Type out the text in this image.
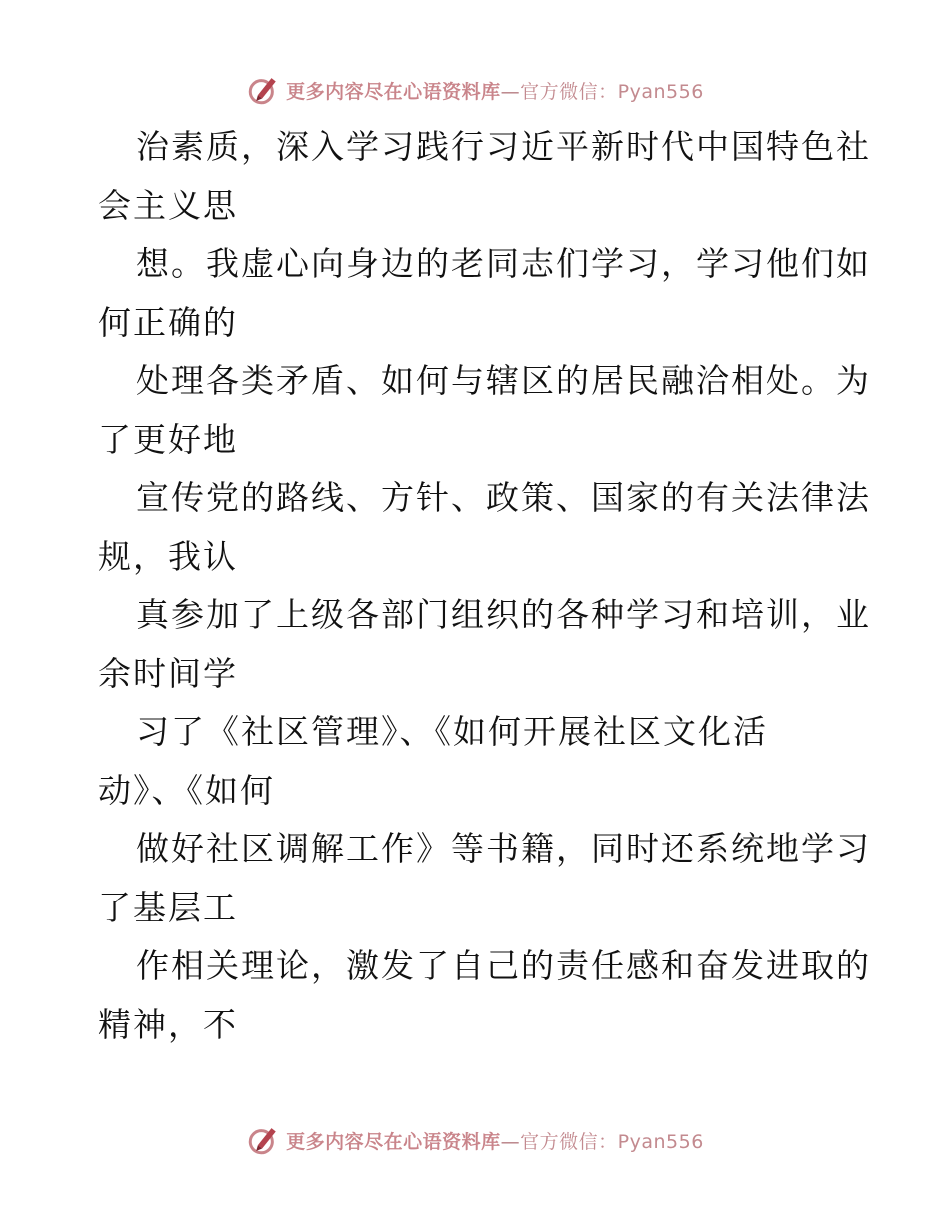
更多内容尽在心语资料库—官方微信：Pyan556
治素质，深入学习践行习近平新时代中国特色社
会主义思
想。我虚心向身边的老同志们学习，学习他们如
何正确的
处理各类矛盾、如何与辖区的居民融洽相处。为
了更好地
宣传党的路线、方针、政策、国家的有关法律法
规，我认
真参加了上级各部门组织的各种学习和培训，业
余时间学
习了《社区管理》、《如何开展社区文化活
动》、《如何
做好社区调解工作》等书籍，同时还系统地学习
了基层工
作相关理论，激发了自己的责任感和奋发进取的
精神，不
更多内容尽在心语资料库—官方微信：Pyan556
